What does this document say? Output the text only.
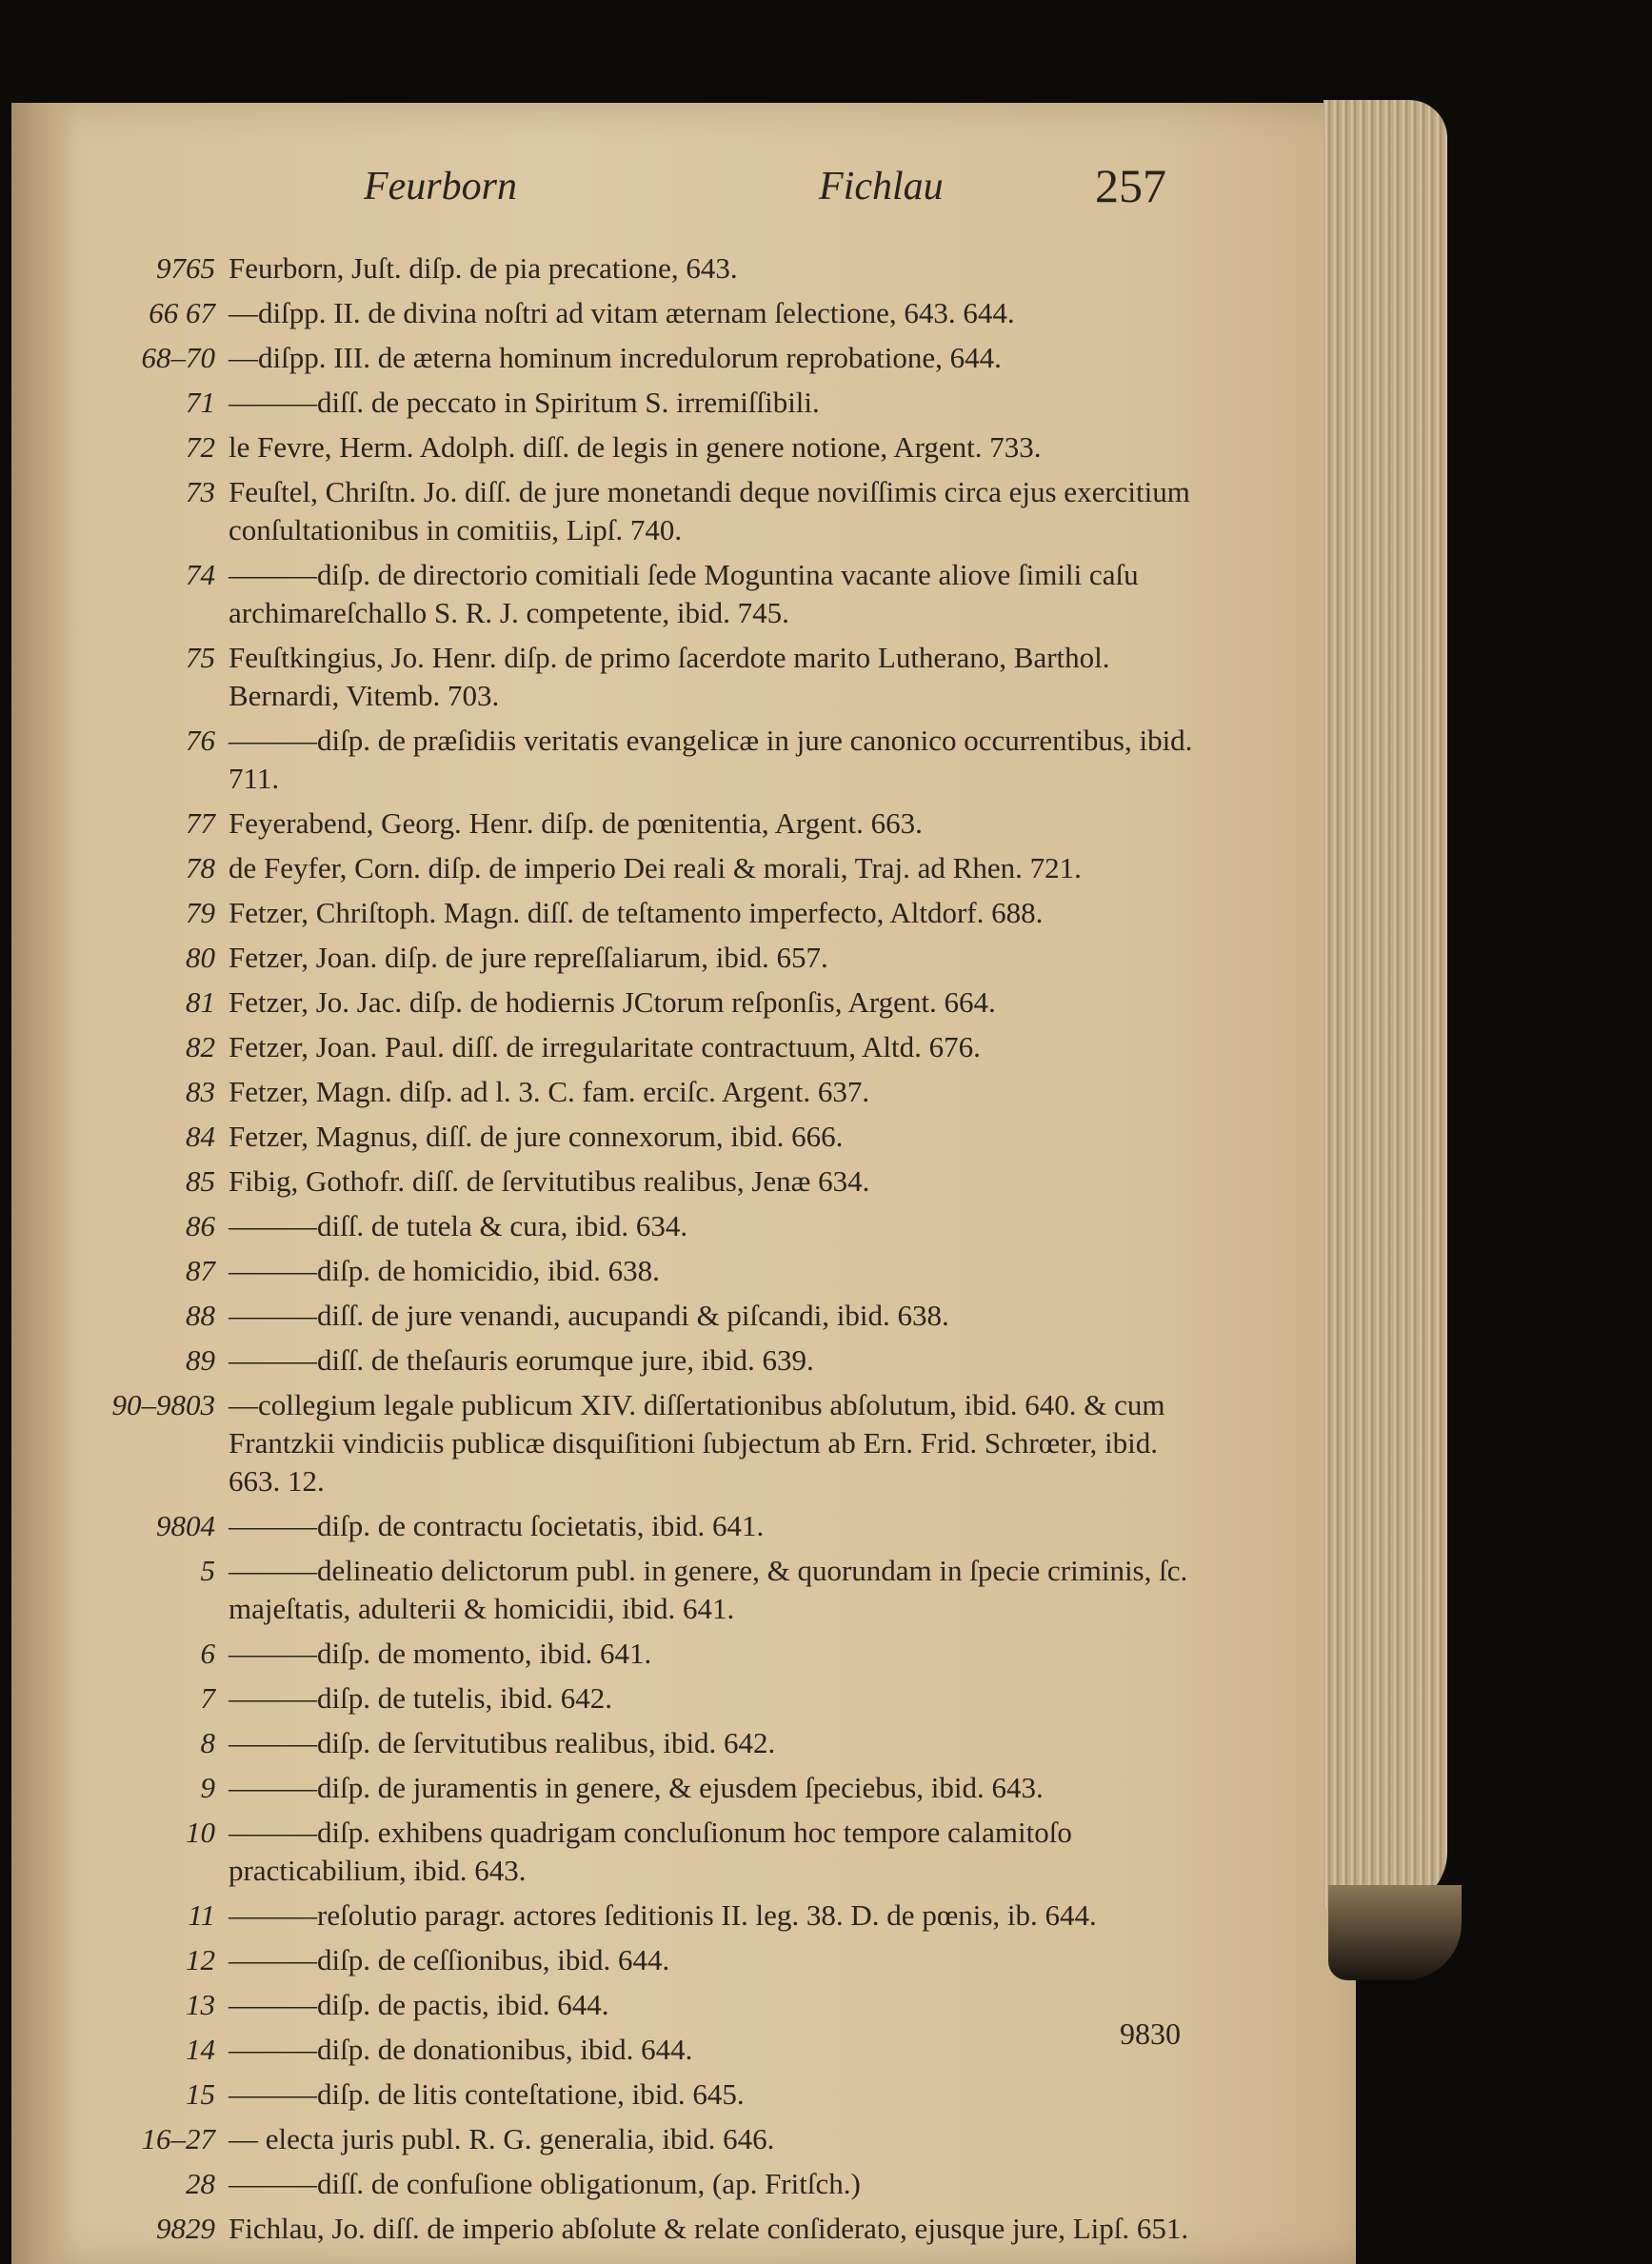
Feurborn	Fichlau	257
9765 Feurborn, Juſt. diſp. de pia precatione, 643.
66 67 —diſpp. II. de divina noſtri ad vitam æternam ſelectione, 643. 644.
68–70 —diſpp. III. de æterna hominum incredulorum reprobatione, 644.
71 ———diſſ. de peccato in Spiritum S. irremiſſibili.
72 le Fevre, Herm. Adolph. diſſ. de legis in genere notione, Argent. 733.
73 Feuſtel, Chriſtn. Jo. diſſ. de jure monetandi deque noviſſimis circa ejus exercitium conſultationibus in comitiis, Lipſ. 740.
74 ———diſp. de directorio comitiali ſede Moguntina vacante aliove ſimili caſu archimareſchallo S. R. J. competente, ibid. 745.
75 Feuſtkingius, Jo. Henr. diſp. de primo ſacerdote marito Lutherano, Barthol. Bernardi, Vitemb. 703.
76 ———diſp. de præſidiis veritatis evangelicæ in jure canonico occurrentibus, ibid. 711.
77 Feyerabend, Georg. Henr. diſp. de pœnitentia, Argent. 663.
78 de Feyfer, Corn. diſp. de imperio Dei reali & morali, Traj. ad Rhen. 721.
79 Fetzer, Chriſtoph. Magn. diſſ. de teſtamento imperfecto, Altdorf. 688.
80 Fetzer, Joan. diſp. de jure repreſſaliarum, ibid. 657.
81 Fetzer, Jo. Jac. diſp. de hodiernis JCtorum reſponſis, Argent. 664.
82 Fetzer, Joan. Paul. diſſ. de irregularitate contractuum, Altd. 676.
83 Fetzer, Magn. diſp. ad l. 3. C. fam. erciſc. Argent. 637.
84 Fetzer, Magnus, diſſ. de jure connexorum, ibid. 666.
85 Fibig, Gothofr. diſſ. de ſervitutibus realibus, Jenæ 634.
86 ———diſſ. de tutela & cura, ibid. 634.
87 ———diſp. de homicidio, ibid. 638.
88 ———diſſ. de jure venandi, aucupandi & piſcandi, ibid. 638.
89 ———diſſ. de theſauris eorumque jure, ibid. 639.
90–9803 —collegium legale publicum XIV. diſſertationibus abſolutum, ibid. 640. & cum Frantzkii vindiciis publicæ disquiſitioni ſubjectum ab Ern. Frid. Schrœter, ibid. 663. 12.
9804 ———diſp. de contractu ſocietatis, ibid. 641.
5 ———delineatio delictorum publ. in genere, & quorundam in ſpecie criminis, ſc. majeſtatis, adulterii & homicidii, ibid. 641.
6 ———diſp. de momento, ibid. 641.
7 ———diſp. de tutelis, ibid. 642.
8 ———diſp. de ſervitutibus realibus, ibid. 642.
9 ———diſp. de juramentis in genere, & ejusdem ſpeciebus, ibid. 643.
10 ———diſp. exhibens quadrigam concluſionum hoc tempore calamitoſo practicabilium, ibid. 643.
11 ———reſolutio paragr. actores ſeditionis II. leg. 38. D. de pœnis, ib. 644.
12 ———diſp. de ceſſionibus, ibid. 644.
13 ———diſp. de pactis, ibid. 644.
14 ———diſp. de donationibus, ibid. 644.
15 ———diſp. de litis conteſtatione, ibid. 645.
16–27 — electa juris publ. R. G. generalia, ibid. 646.
28 ———diſſ. de confuſione obligationum, (ap. Fritſch.)
9829 Fichlau, Jo. diſſ. de imperio abſolute & relate conſiderato, ejusque jure, Lipſ. 651.
9830
